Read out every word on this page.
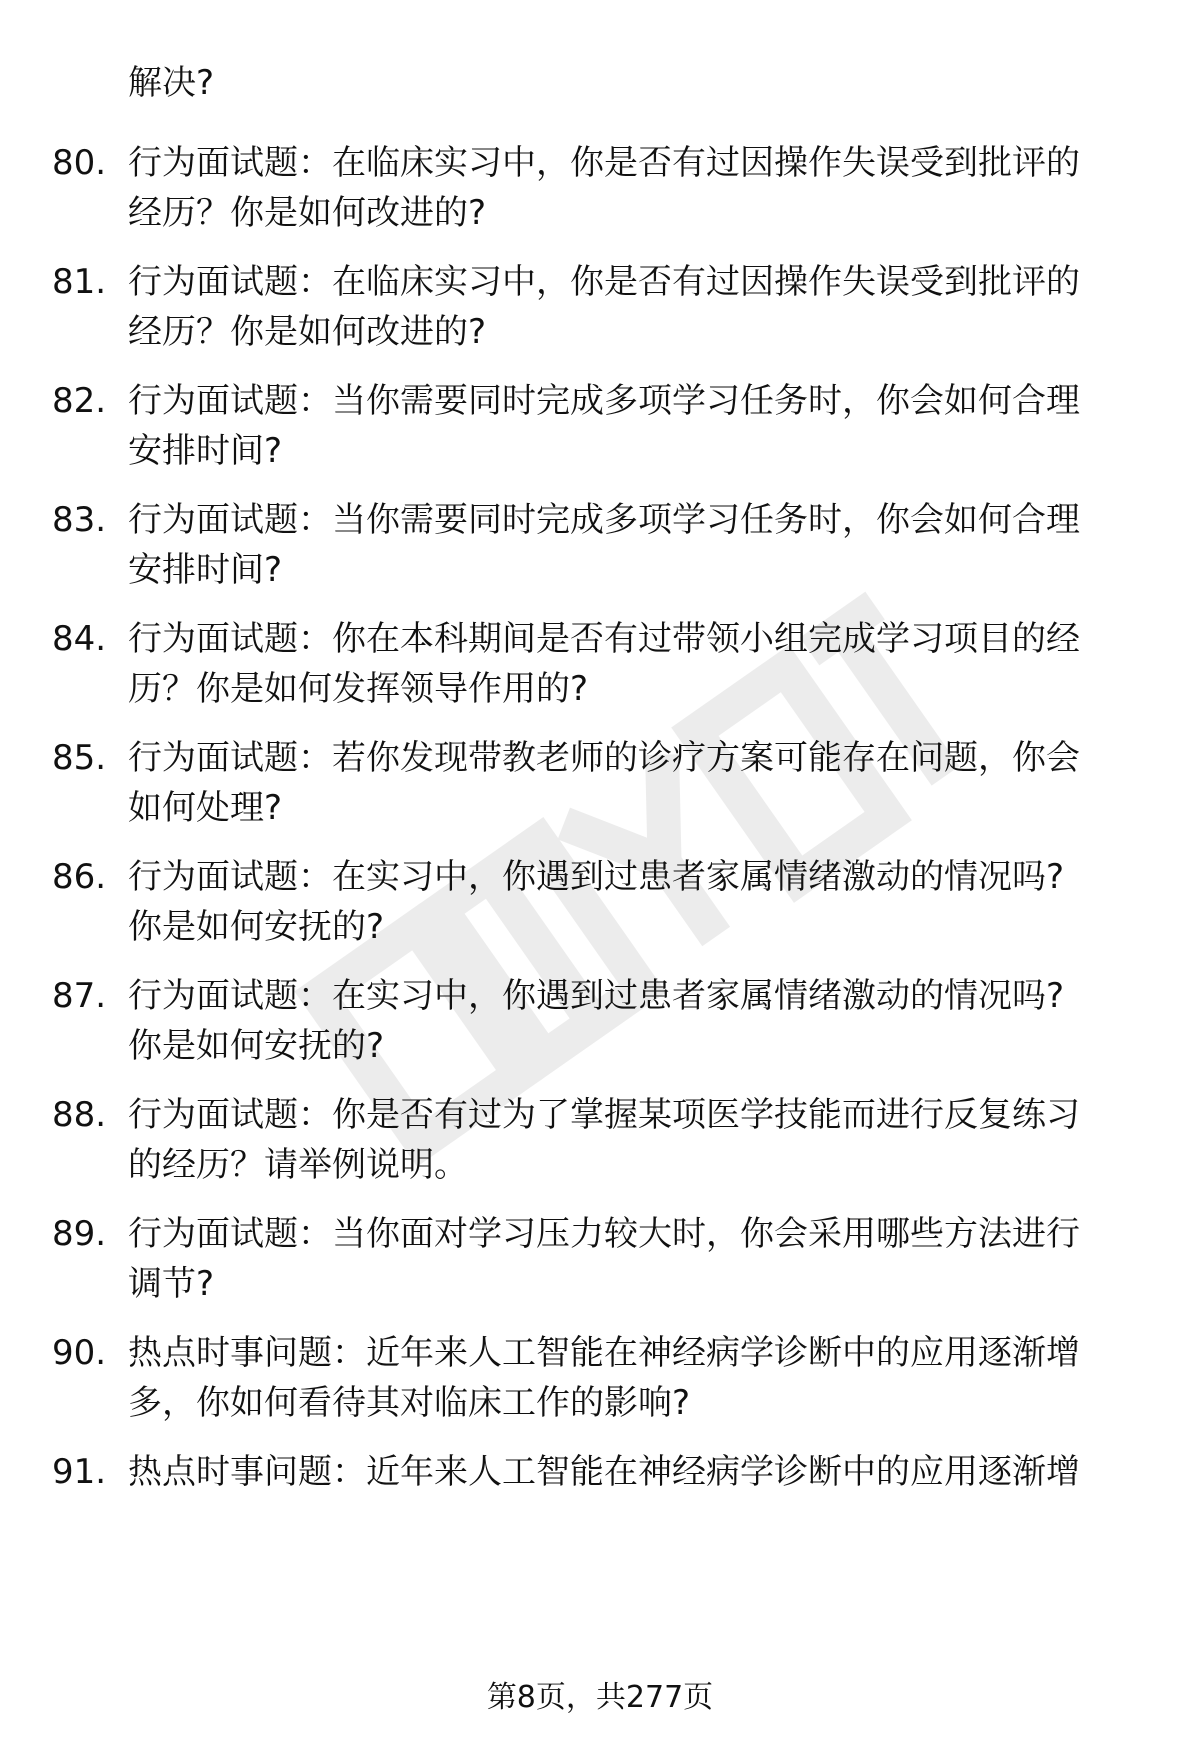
解决?
80. 行为面试题：在临床实习中，你是否有过因操作失误受到批评的
经历？你是如何改进的?
81. 行为面试题：在临床实习中，你是否有过因操作失误受到批评的
经历？你是如何改进的?
82. 行为面试题：当你需要同时完成多项学习任务时，你会如何合理
安排时间?
83. 行为面试题：当你需要同时完成多项学习任务时，你会如何合理
安排时间?
84. 行为面试题：你在本科期间是否有过带领小组完成学习项目的经
历？你是如何发挥领导作用的?
85. 行为面试题：若你发现带教老师的诊疗方案可能存在问题，你会
如何处理?
86. 行为面试题：在实习中，你遇到过患者家属情绪激动的情况吗?
你是如何安抚的?
87. 行为面试题：在实习中，你遇到过患者家属情绪激动的情况吗?
你是如何安抚的?
88. 行为面试题：你是否有过为了掌握某项医学技能而进行反复练习
的经历？请举例说明。
89. 行为面试题：当你面对学习压力较大时，你会采用哪些方法进行
调节?
90. 热点时事问题：近年来人工智能在神经病学诊断中的应用逐渐增
多，你如何看待其对临床工作的影响?
91. 热点时事问题：近年来人工智能在神经病学诊断中的应用逐渐增
第8页，共277页
